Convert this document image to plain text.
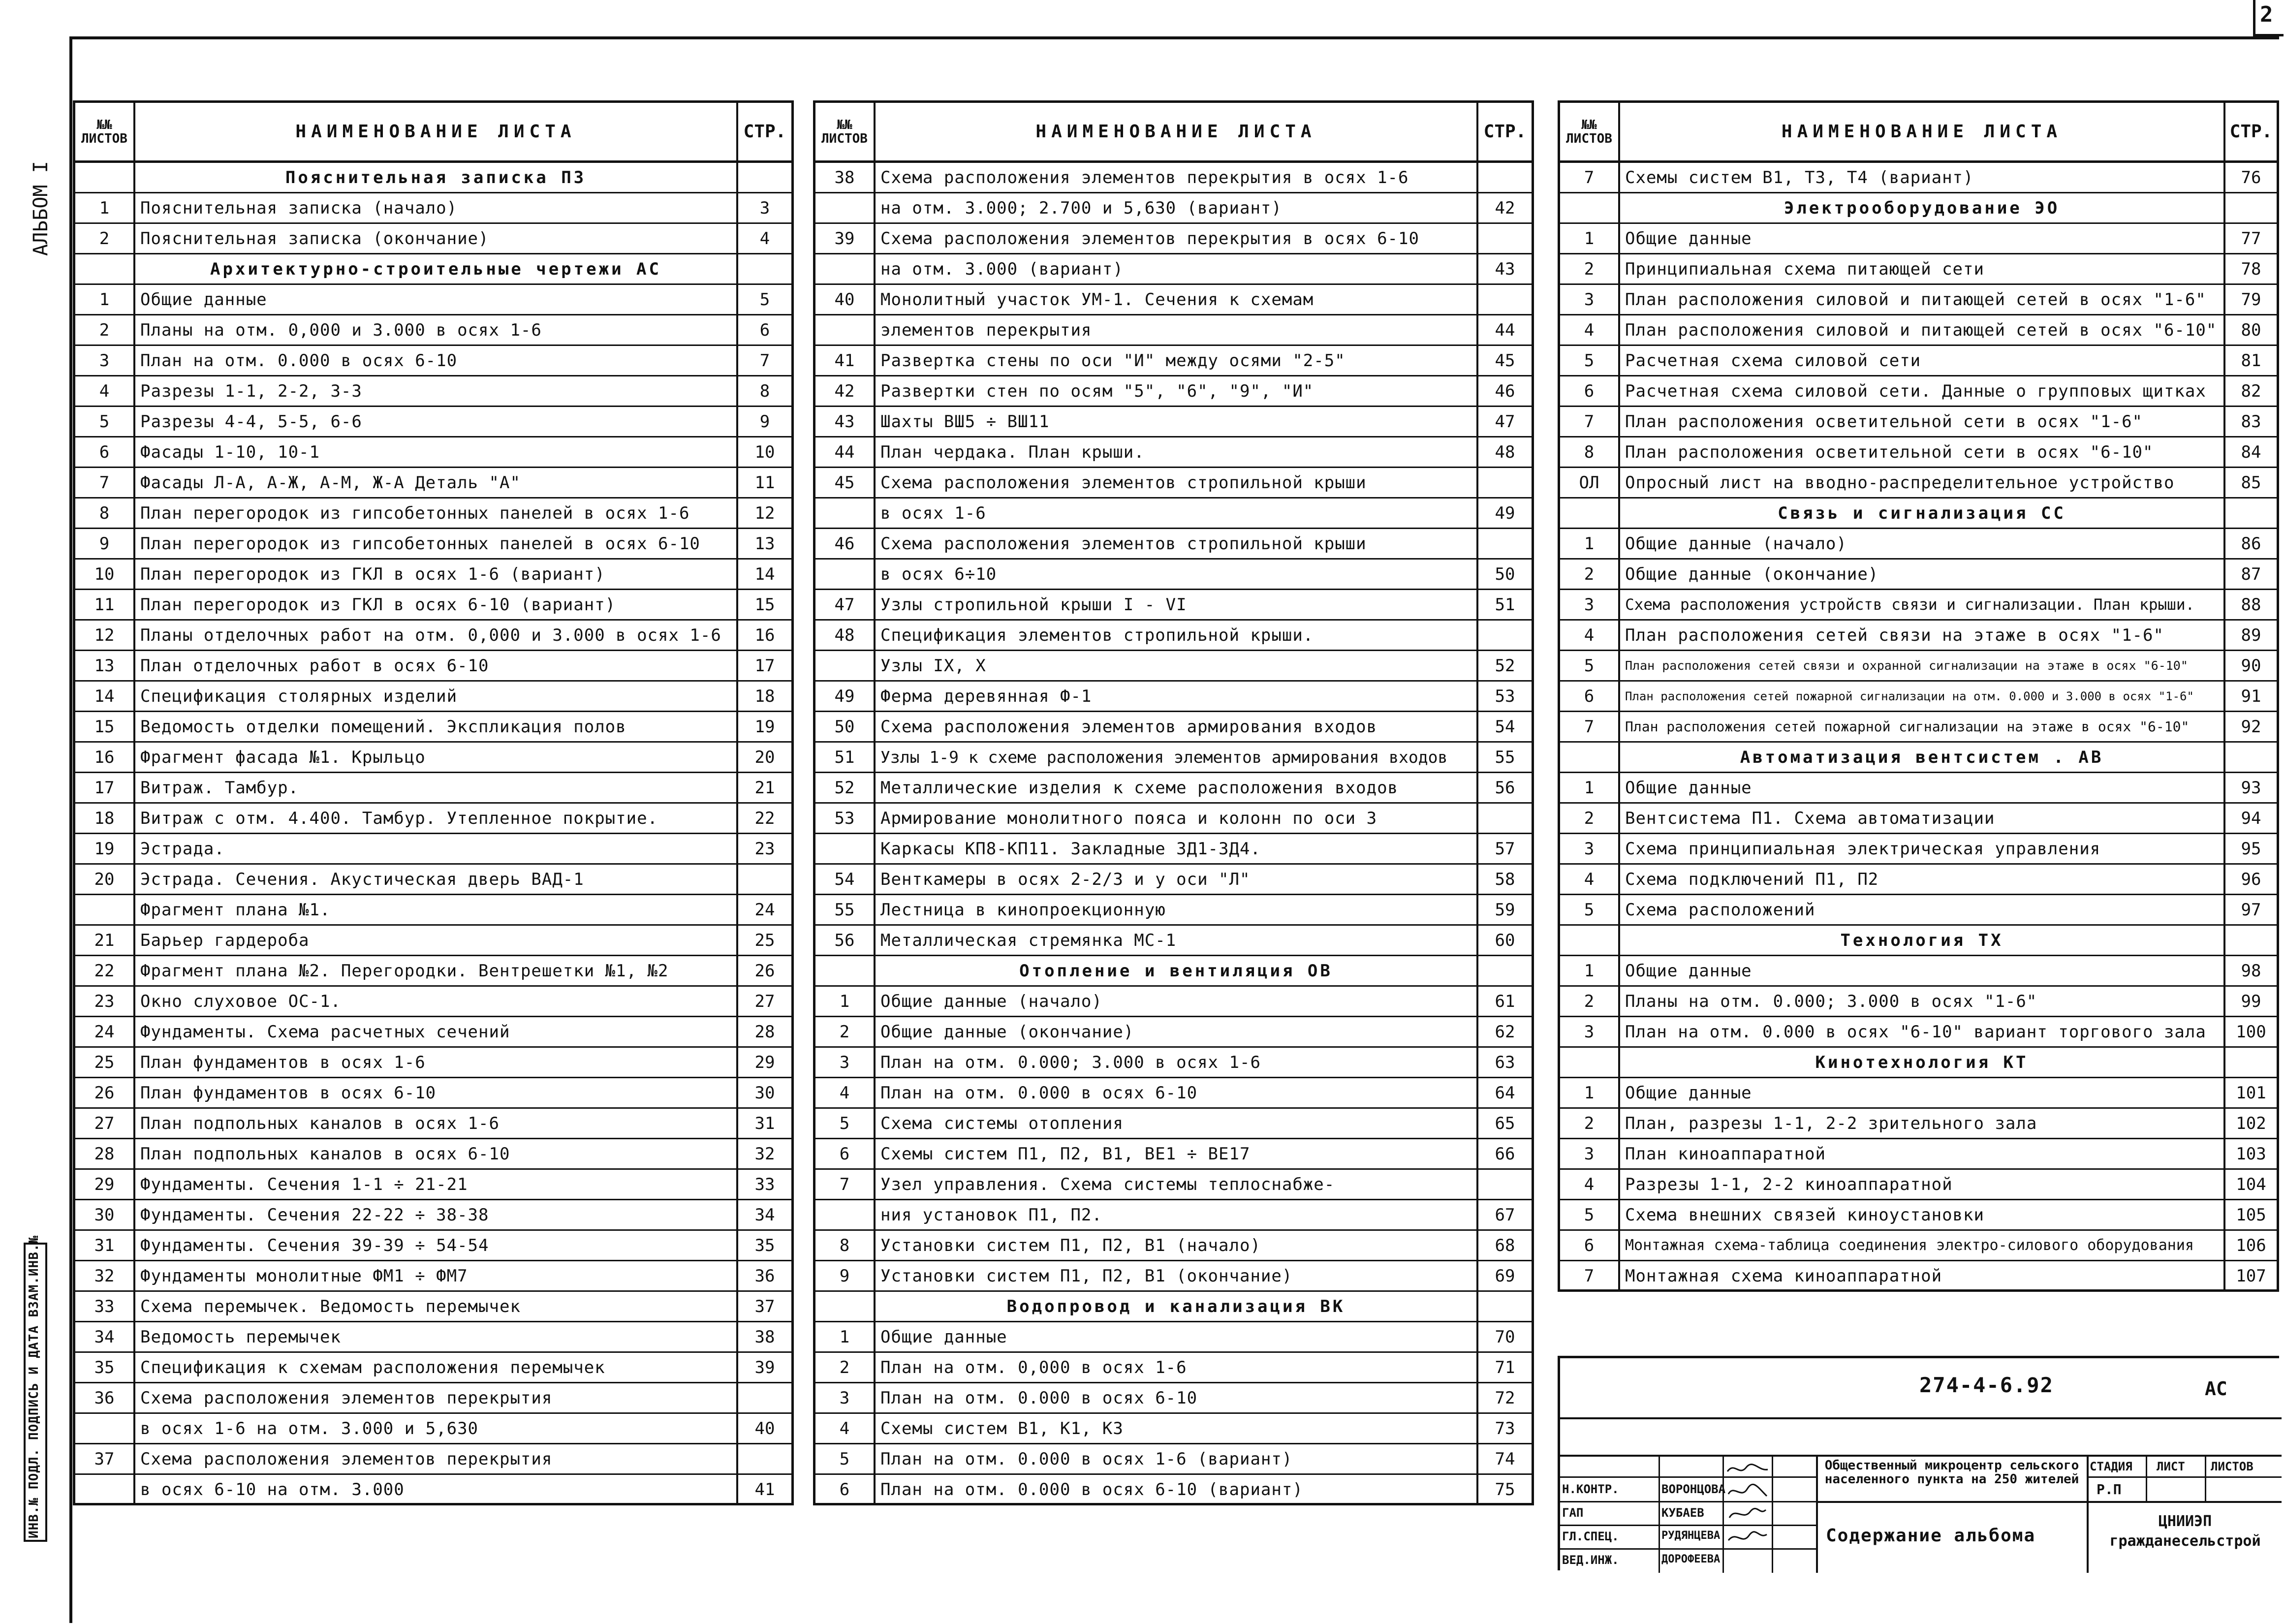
2
АЛЬБОМ I
ИНВ.№ ПОДЛ. ПОДПИСЬ И ДАТА ВЗАМ.ИНВ.№
№№
ЛИСТОВ	НАИМЕНОВАНИЕ ЛИСТА	СТР.
Пояснительная записка ПЗ
1	Пояснительная записка (начало)	3
2	Пояснительная записка (окончание)	4
Архитектурно-строительные чертежи АС
1	Общие данные	5
2	Планы на отм. 0,000 и 3.000 в осях 1-6	6
3	План на отм. 0.000 в осях 6-10	7
4	Разрезы 1-1, 2-2, 3-3	8
5	Разрезы 4-4, 5-5, 6-6	9
6	Фасады 1-10, 10-1	10
7	Фасады Л-А, А-Ж, А-М, Ж-А Деталь "А"	11
8	План перегородок из гипсобетонных панелей в осях 1-6	12
9	План перегородок из гипсобетонных панелей в осях 6-10	13
10	План перегородок из ГКЛ в осях 1-6 (вариант)	14
11	План перегородок из ГКЛ в осях 6-10 (вариант)	15
12	Планы отделочных работ на отм. 0,000 и 3.000 в осях 1-6	16
13	План отделочных работ в осях 6-10	17
14	Спецификация столярных изделий	18
15	Ведомость отделки помещений. Экспликация полов	19
16	Фрагмент фасада №1. Крыльцо	20
17	Витраж. Тамбур.	21
18	Витраж с отм. 4.400. Тамбур. Утепленное покрытие.	22
19	Эстрада.	23
20	Эстрада. Сечения. Акустическая дверь ВАД-1
Фрагмент плана №1.	24
21	Барьер гардероба	25
22	Фрагмент плана №2. Перегородки. Вентрешетки №1, №2	26
23	Окно слуховое ОС-1.	27
24	Фундаменты. Схема расчетных сечений	28
25	План фундаментов в осях 1-6	29
26	План фундаментов в осях 6-10	30
27	План подпольных каналов в осях 1-6	31
28	План подпольных каналов в осях 6-10	32
29	Фундаменты. Сечения 1-1 ÷ 21-21	33
30	Фундаменты. Сечения 22-22 ÷ 38-38	34
31	Фундаменты. Сечения 39-39 ÷ 54-54	35
32	Фундаменты монолитные ФМ1 ÷ ФМ7	36
33	Схема перемычек. Ведомость перемычек	37
34	Ведомость перемычек	38
35	Спецификация к схемам расположения перемычек	39
36	Схема расположения элементов перекрытия
в осях 1-6 на отм. 3.000 и 5,630	40
37	Схема расположения элементов перекрытия
в осях 6-10 на отм. 3.000	41
№№
ЛИСТОВ	НАИМЕНОВАНИЕ ЛИСТА	СТР.
38	Схема расположения элементов перекрытия в осях 1-6
на отм. 3.000; 2.700 и 5,630 (вариант)	42
39	Схема расположения элементов перекрытия в осях 6-10
на отм. 3.000 (вариант)	43
40	Монолитный участок УМ-1. Сечения к схемам
элементов перекрытия	44
41	Развертка стены по оси "И" между осями "2-5"	45
42	Развертки стен по осям "5", "6", "9", "И"	46
43	Шахты ВШ5 ÷ ВШ11	47
44	План чердака. План крыши.	48
45	Схема расположения элементов стропильной крыши
в осях 1-6	49
46	Схема расположения элементов стропильной крыши
в осях 6÷10	50
47	Узлы стропильной крыши I - VI	51
48	Спецификация элементов стропильной крыши.
Узлы IX, X	52
49	Ферма деревянная Ф-1	53
50	Схема расположения элементов армирования входов	54
51	Узлы 1-9 к схеме расположения элементов армирования входов	55
52	Металлические изделия к схеме расположения входов	56
53	Армирование монолитного пояса и колонн по оси 3
Каркасы КП8-КП11. Закладные ЗД1-ЗД4.	57
54	Венткамеры в осях 2-2/3 и у оси "Л"	58
55	Лестница в кинопроекционную	59
56	Металлическая стремянка МС-1	60
Отопление и вентиляция ОВ
1	Общие данные (начало)	61
2	Общие данные (окончание)	62
3	План на отм. 0.000; 3.000 в осях 1-6	63
4	План на отм. 0.000 в осях 6-10	64
5	Схема системы отопления	65
6	Схемы систем П1, П2, В1, ВЕ1 ÷ ВЕ17	66
7	Узел управления. Схема системы теплоснабже-
ния установок П1, П2.	67
8	Установки систем П1, П2, В1 (начало)	68
9	Установки систем П1, П2, В1 (окончание)	69
Водопровод и канализация ВК
1	Общие данные	70
2	План на отм. 0,000 в осях 1-6	71
3	План на отм. 0.000 в осях 6-10	72
4	Схемы систем В1, К1, К3	73
5	План на отм. 0.000 в осях 1-6 (вариант)	74
6	План на отм. 0.000 в осях 6-10 (вариант)	75
№№
ЛИСТОВ	НАИМЕНОВАНИЕ ЛИСТА	СТР.
7	Схемы систем В1, Т3, Т4 (вариант)	76
Электрооборудование ЭО
1	Общие данные	77
2	Принципиальная схема питающей сети	78
3	План расположения силовой и питающей сетей в осях "1-6"	79
4	План расположения силовой и питающей сетей в осях "6-10"	80
5	Расчетная схема силовой сети	81
6	Расчетная схема силовой сети. Данные о групповых щитках	82
7	План расположения осветительной сети в осях "1-6"	83
8	План расположения осветительной сети в осях "6-10"	84
ОЛ	Опросный лист на вводно-распределительное устройство	85
Связь и сигнализация СС
1	Общие данные (начало)	86
2	Общие данные (окончание)	87
3	Схема расположения устройств связи и сигнализации. План крыши.	88
4	План расположения сетей связи на этаже в осях "1-6"	89
5	План расположения сетей связи и охранной сигнализации на этаже в осях "6-10"	90
6	План расположения сетей пожарной сигнализации на отм. 0.000 и 3.000 в осях "1-6"	91
7	План расположения сетей пожарной сигнализации на этаже в осях "6-10"	92
Автоматизация вентсистем . АВ
1	Общие данные	93
2	Вентсистема П1. Схема автоматизации	94
3	Схема принципиальная электрическая управления	95
4	Схема подключений П1, П2	96
5	Схема расположений	97
Технология ТХ
1	Общие данные	98
2	Планы на отм. 0.000; 3.000 в осях "1-6"	99
3	План на отм. 0.000 в осях "6-10" вариант торгового зала	100
Кинотехнология КТ
1	Общие данные	101
2	План, разрезы 1-1, 2-2 зрительного зала	102
3	План киноаппаратной	103
4	Разрезы 1-1, 2-2 киноаппаратной	104
5	Схема внешних связей киноустановки	105
6	Монтажная схема-таблица соединения электро-силового оборудования	106
7	Монтажная схема киноаппаратной	107
274-4-6.92	АС
Н.КОНТР.	ВОРОНЦОВА
ГАП	КУБАЕВ
ГЛ.СПЕЦ.	РУДЯНЦЕВА
ВЕД.ИНЖ.	ДОРОФЕЕВА
Общественный микроцентр сельского населенного пункта на 250 жителей
СТАДИЯ ЛИСТ ЛИСТОВ
Р.П
Содержание альбома
ЦНИИЭП гражданесельстрой
